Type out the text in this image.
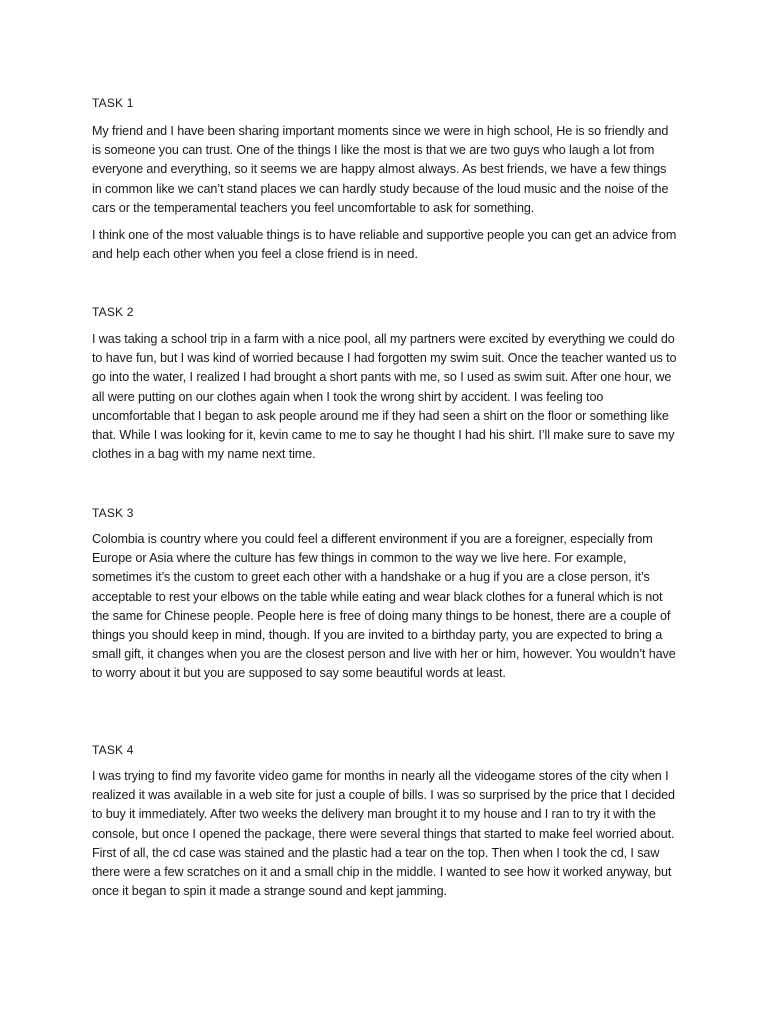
TASK 1

My friend and I have been sharing important moments since we were in high school, He is so friendly and is someone you can trust. One of the things I like the most is that we are two guys who laugh a lot from everyone and everything, so it seems we are happy almost always. As best friends, we have a few things in common like we can’t stand places we can hardly study because of the loud music and the noise of the cars or the temperamental teachers you feel uncomfortable to ask for something.

I think one of the most valuable things is to have reliable and supportive people you can get an advice from and help each other when you feel a close friend is in need.

TASK 2

I was taking a school trip in a farm with a nice pool, all my partners were excited by everything we could do to have fun, but I was kind of worried because I had forgotten my swim suit. Once the teacher wanted us to go into the water, I realized I had brought a short pants with me, so I used as swim suit. After one hour, we all were putting on our clothes again when I took the wrong shirt by accident. I was feeling too uncomfortable that I began to ask people around me if they had seen a shirt on the floor or something like that. While I was looking for it, kevin came to me to say he thought I had his shirt. I’ll make sure to save my clothes in a bag with my name next time.

TASK 3

Colombia is country where you could feel a different environment if you are a foreigner, especially from Europe or Asia where the culture has few things in common to the way we live here. For example, sometimes it’s the custom to greet each other with a handshake or a hug if you are a close person, it’s acceptable to rest your elbows on the table while eating and wear black clothes for a funeral which is not the same for Chinese people. People here is free of doing many things to be honest, there are a couple of things you should keep in mind, though. If you are invited to a birthday party, you are expected to bring a small gift, it changes when you are the closest person and live with her or him, however. You wouldn’t have to worry about it but you are supposed to say some beautiful words at least.

TASK 4

I was trying to find my favorite video game for months in nearly all the videogame stores of the city when I realized it was available in a web site for just a couple of bills. I was so surprised by the price that I decided to buy it immediately. After two weeks the delivery man brought it to my house and I ran to try it with the console, but once I opened the package, there were several things that started to make feel worried about. First of all, the cd case was stained and the plastic had a tear on the top. Then when I took the cd, I saw there were a few scratches on it and a small chip in the middle. I wanted to see how it worked anyway, but once it began to spin it made a strange sound and kept jamming.
